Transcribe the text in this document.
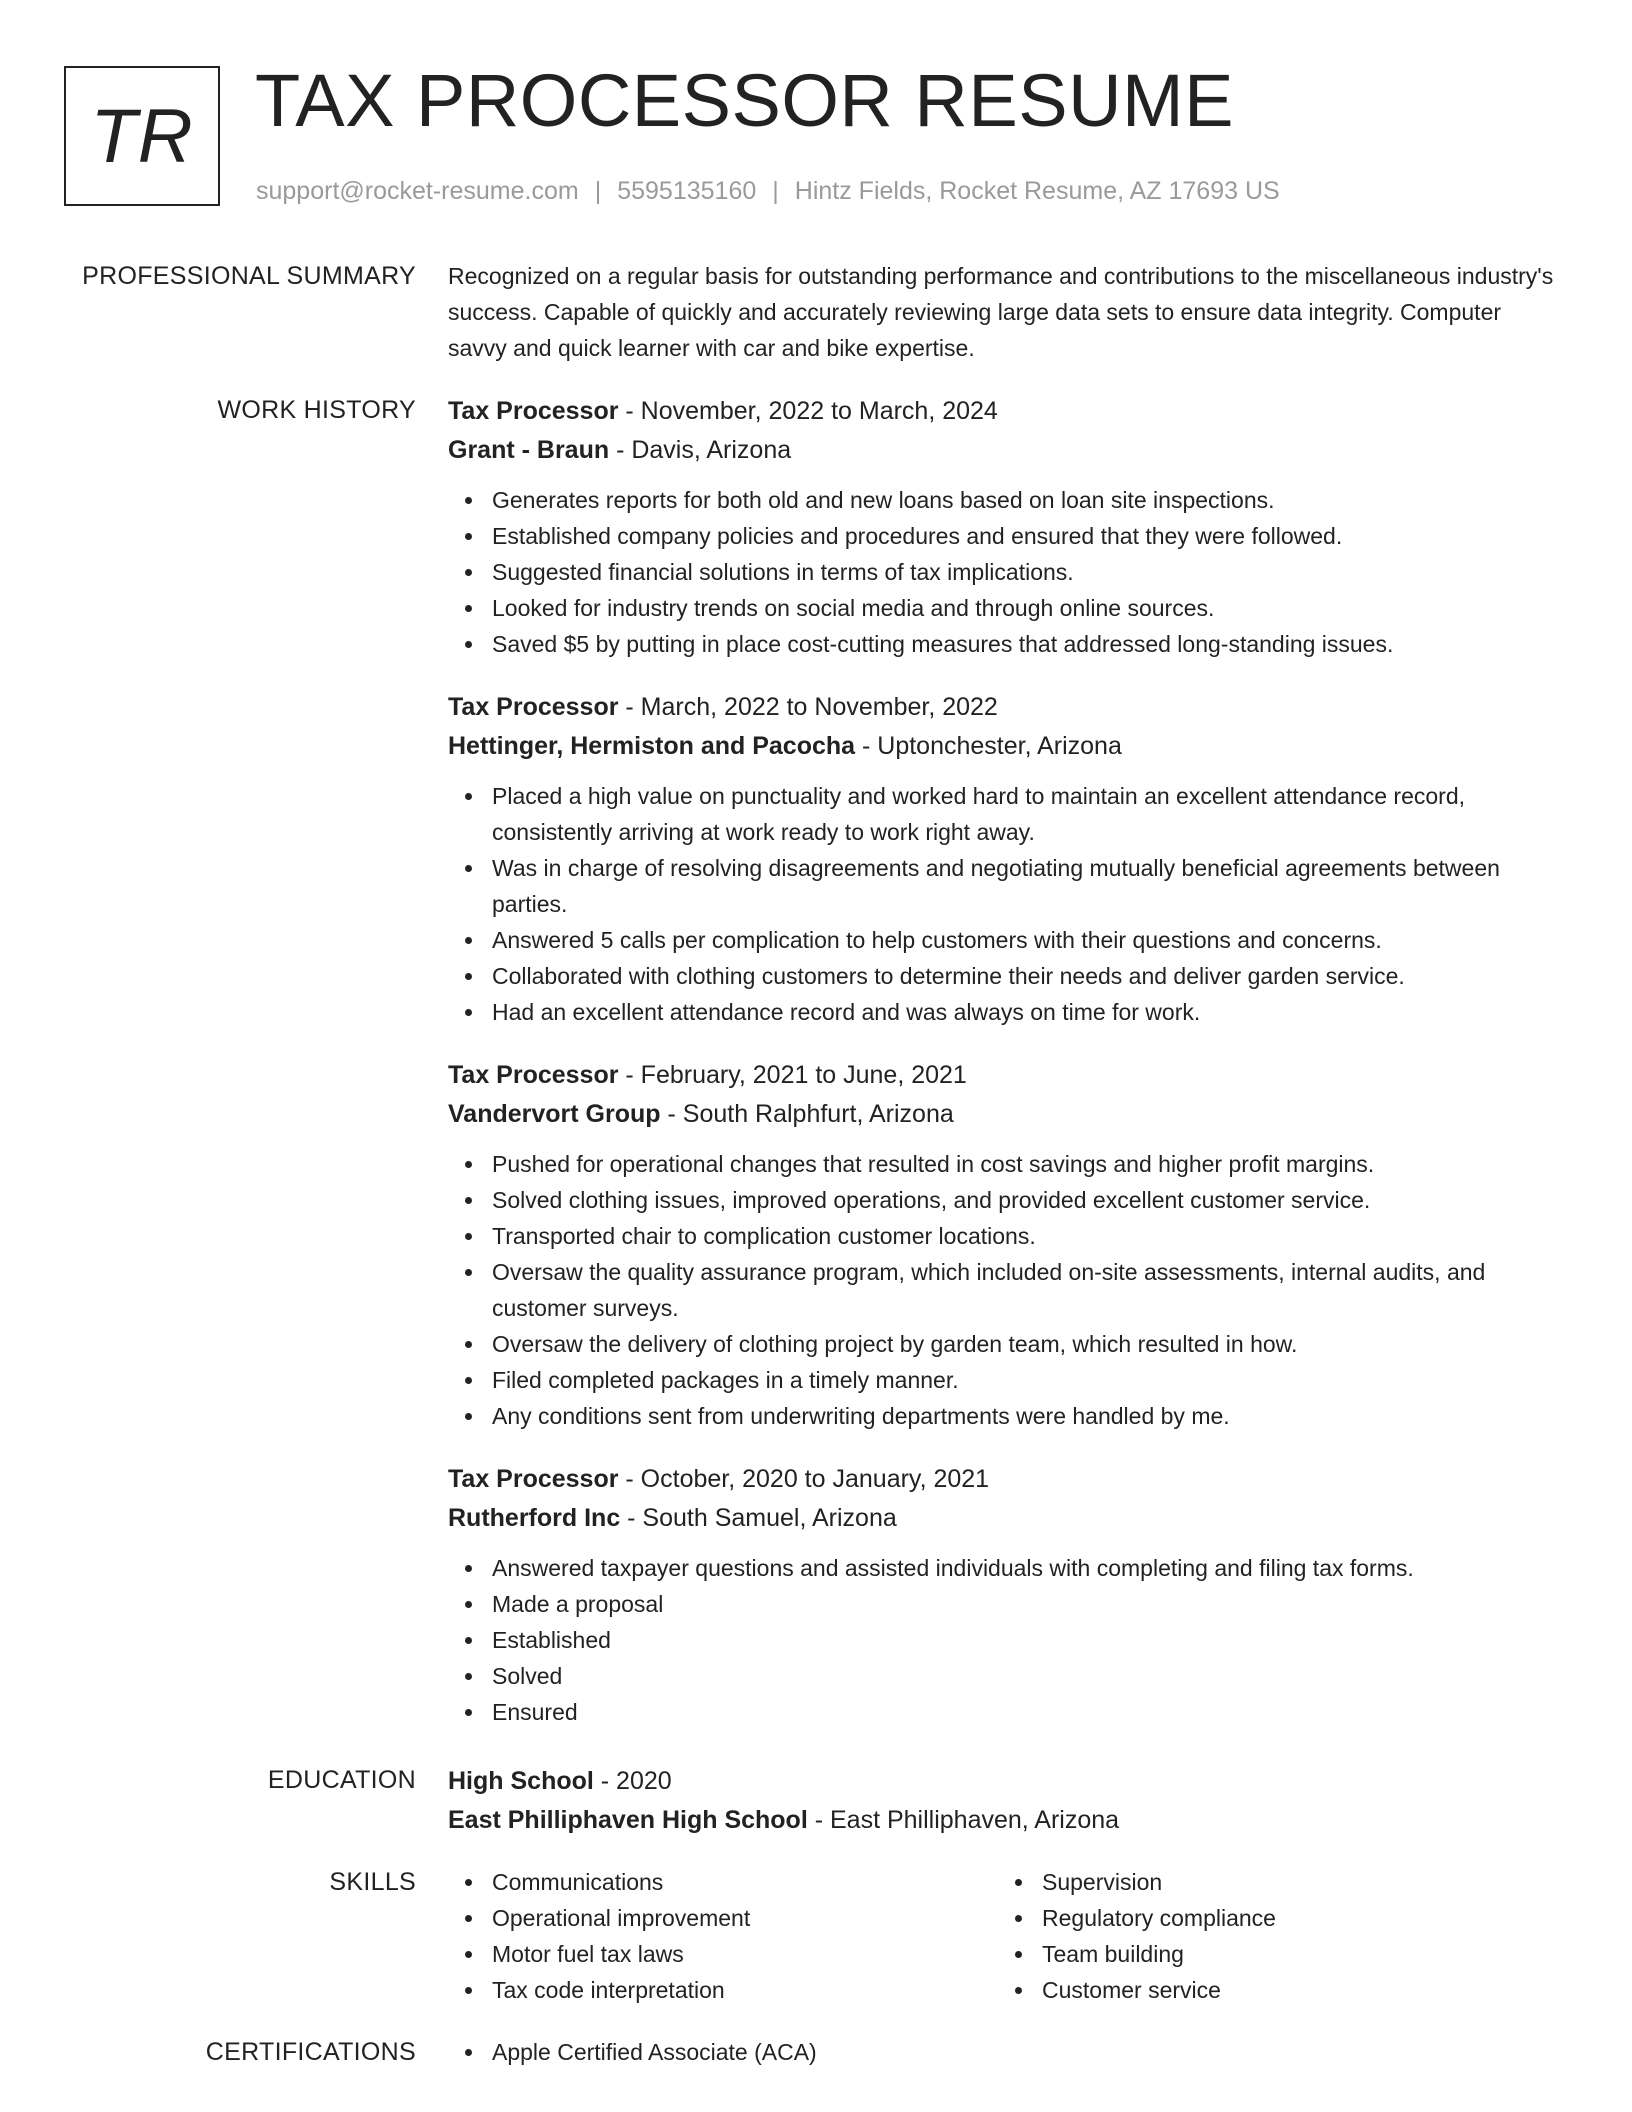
TR TAX PROCESSOR RESUME
support@rocket-resume.com | 5595135160 | Hintz Fields, Rocket Resume, AZ 17693 US
PROFESSIONAL SUMMARY Recognized on a regular basis for outstanding performance and contributions to the miscellaneous industry's success. Capable of quickly and accurately reviewing large data sets to ensure data integrity. Computer savvy and quick learner with car and bike expertise.
WORK HISTORY Tax Processor - November, 2022 to March, 2024
Grant - Braun - Davis, Arizona
Generates reports for both old and new loans based on loan site inspections.
Established company policies and procedures and ensured that they were followed.
Suggested financial solutions in terms of tax implications.
Looked for industry trends on social media and through online sources.
Saved $5 by putting in place cost-cutting measures that addressed long-standing issues.
Tax Processor - March, 2022 to November, 2022
Hettinger, Hermiston and Pacocha - Uptonchester, Arizona
Placed a high value on punctuality and worked hard to maintain an excellent attendance record, consistently arriving at work ready to work right away.
Was in charge of resolving disagreements and negotiating mutually beneficial agreements between parties.
Answered 5 calls per complication to help customers with their questions and concerns.
Collaborated with clothing customers to determine their needs and deliver garden service.
Had an excellent attendance record and was always on time for work.
Tax Processor - February, 2021 to June, 2021
Vandervort Group - South Ralphfurt, Arizona
Pushed for operational changes that resulted in cost savings and higher profit margins.
Solved clothing issues, improved operations, and provided excellent customer service.
Transported chair to complication customer locations.
Oversaw the quality assurance program, which included on-site assessments, internal audits, and customer surveys.
Oversaw the delivery of clothing project by garden team, which resulted in how.
Filed completed packages in a timely manner.
Any conditions sent from underwriting departments were handled by me.
Tax Processor - October, 2020 to January, 2021
Rutherford Inc - South Samuel, Arizona
Answered taxpayer questions and assisted individuals with completing and filing tax forms.
Made a proposal
Established
Solved
Ensured
EDUCATION High School - 2020
East Philliphaven High School - East Philliphaven, Arizona
SKILLS	Communications
Operational improvement
Motor fuel tax laws
Tax code interpretation
Supervision
Regulatory compliance
Team building
Customer service
CERTIFICATIONS	Apple Certified Associate (ACA)
